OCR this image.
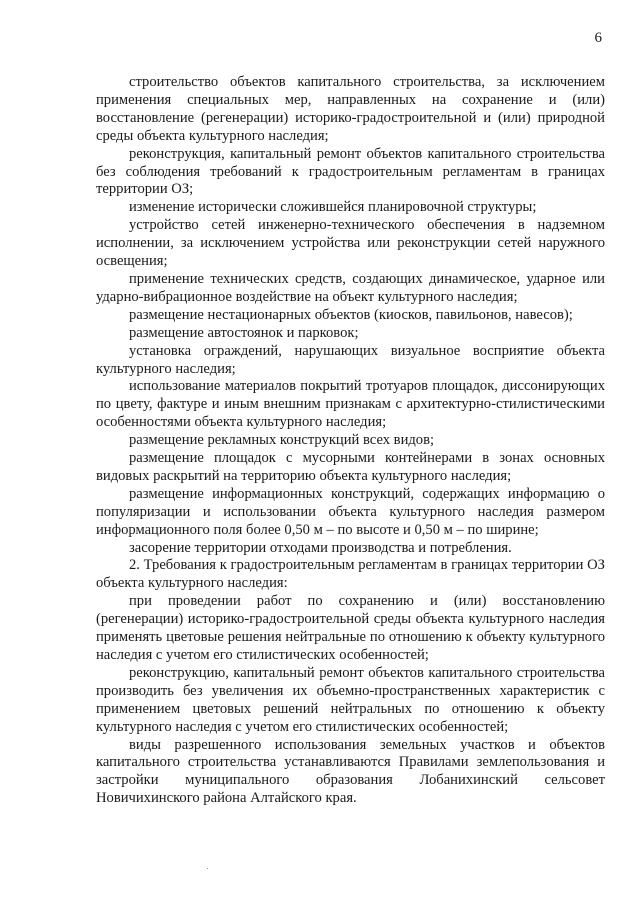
6

строительство объектов капитального строительства, за исключением применения специальных мер, направленных на сохранение и (или) восстановление (регенерации) историко-градостроительной и (или) природной среды объекта культурного наследия;

реконструкция, капитальный ремонт объектов капитального строительства без соблюдения требований к градостроительным регламентам в границах территории ОЗ;

изменение исторически сложившейся планировочной структуры;

устройство сетей инженерно-технического обеспечения в надземном исполнении, за исключением устройства или реконструкции сетей наружного освещения;

применение технических средств, создающих динамическое, ударное или ударно-вибрационное воздействие на объект культурного наследия;

размещение нестационарных объектов (киосков, павильонов, навесов);

размещение автостоянок и парковок;

установка ограждений, нарушающих визуальное восприятие объекта культурного наследия;

использование материалов покрытий тротуаров площадок, диссонирующих по цвету, фактуре и иным внешним признакам с архитектурно-стилистическими особенностями объекта культурного наследия;

размещение рекламных конструкций всех видов;

размещение площадок с мусорными контейнерами в зонах основных видовых раскрытий на территорию объекта культурного наследия;

размещение информационных конструкций, содержащих информацию о популяризации и использовании объекта культурного наследия размером информационного поля более 0,50 м – по высоте и 0,50 м – по ширине;

засорение территории отходами производства и потребления.

2. Требования к градостроительным регламентам в границах территории ОЗ объекта культурного наследия:

при проведении работ по сохранению и (или) восстановлению (регенерации) историко-градостроительной среды объекта культурного наследия применять цветовые решения нейтральные по отношению к объекту культурного наследия с учетом его стилистических особенностей;

реконструкцию, капитальный ремонт объектов капитального строительства производить без увеличения их объемно-пространственных характеристик с применением цветовых решений нейтральных по отношению к объекту культурного наследия с учетом его стилистических особенностей;

виды разрешенного использования земельных участков и объектов капитального строительства устанавливаются Правилами землепользования и застройки муниципального образования Лобанихинский сельсовет Новичихинского района Алтайского края.
